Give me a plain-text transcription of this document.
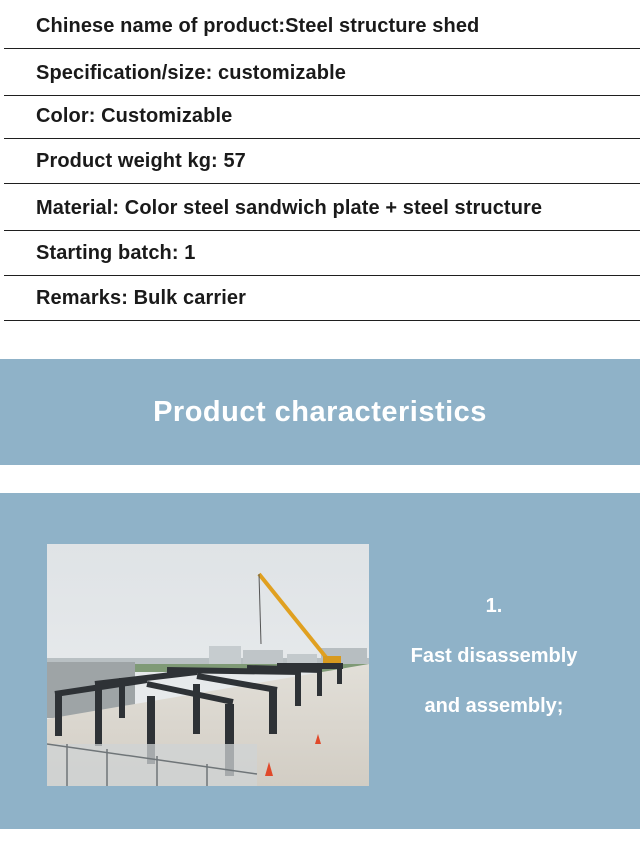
Chinese name of product:Steel structure shed
Specification/size: customizable
Color: Customizable
Product weight kg: 57
Material: Color steel sandwich plate + steel structure
Starting batch: 1
Remarks: Bulk carrier
Product characteristics
1.
Fast disassembly
and assembly;
